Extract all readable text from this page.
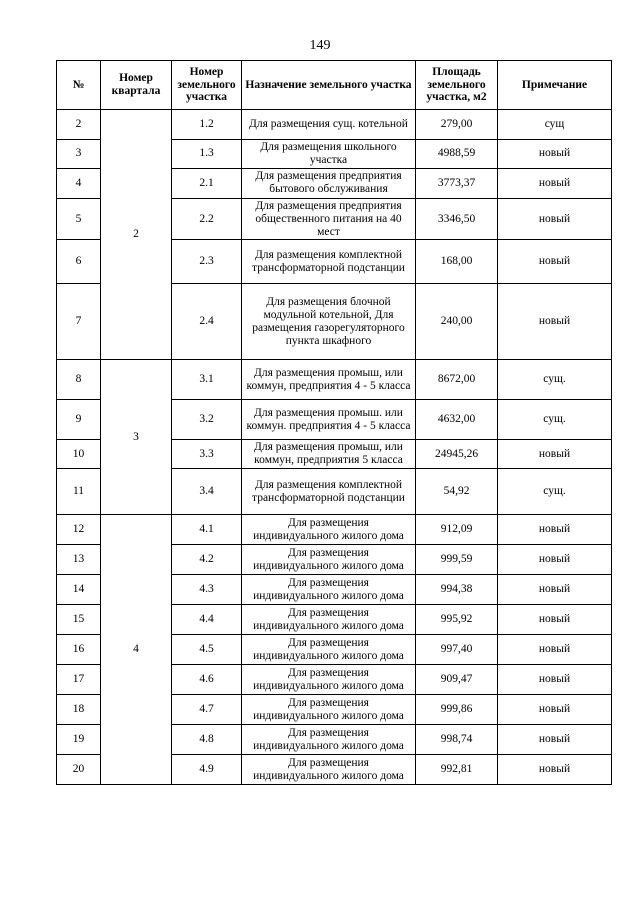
149
№	Номер квартала	Номер земельного участка	Назначение земельного участка	Площадь земельного участка, м2	Примечание
2	2	1.2	Для размещения сущ. котельной	279,00	сущ
3		1.3	Для размещения школьного участка	4988,59	новый
4		2.1	Для размещения предприятия бытового обслуживания	3773,37	новый
5		2.2	Для размещения предприятия общественного питания на 40 мест	3346,50	новый
6		2.3	Для размещения комплектной трансформаторной подстанции	168,00	новый
7		2.4	Для размещения блочной модульной котельной, Для размещения газорегуляторного пункта шкафного	240,00	новый
8	3	3.1	Для размещения промыш, или коммун, предприятия 4 - 5 класса	8672,00	сущ.
9		3.2	Для размещения промыш. или коммун. предприятия 4 - 5 класса	4632,00	сущ.
10		3.3	Для размещения промыш, или коммун, предприятия 5 класса	24945,26	новый
11		3.4	Для размещения комплектной трансформаторной подстанции	54,92	сущ.
12	4	4.1	Для размещения индивидуального жилого дома	912,09	новый
13		4.2	Для размещения индивидуального жилого дома	999,59	новый
14		4.3	Для размещения индивидуального жилого дома	994,38	новый
15		4.4	Для размещения индивидуального жилого дома	995,92	новый
16		4.5	Для размещения индивидуального жилого дома	997,40	новый
17		4.6	Для размещения индивидуального жилого дома	909,47	новый
18		4.7	Для размещения индивидуального жилого дома	999,86	новый
19		4.8	Для размещения индивидуального жилого дома	998,74	новый
20		4.9	Для размещения индивидуального жилого дома	992,81	новый
